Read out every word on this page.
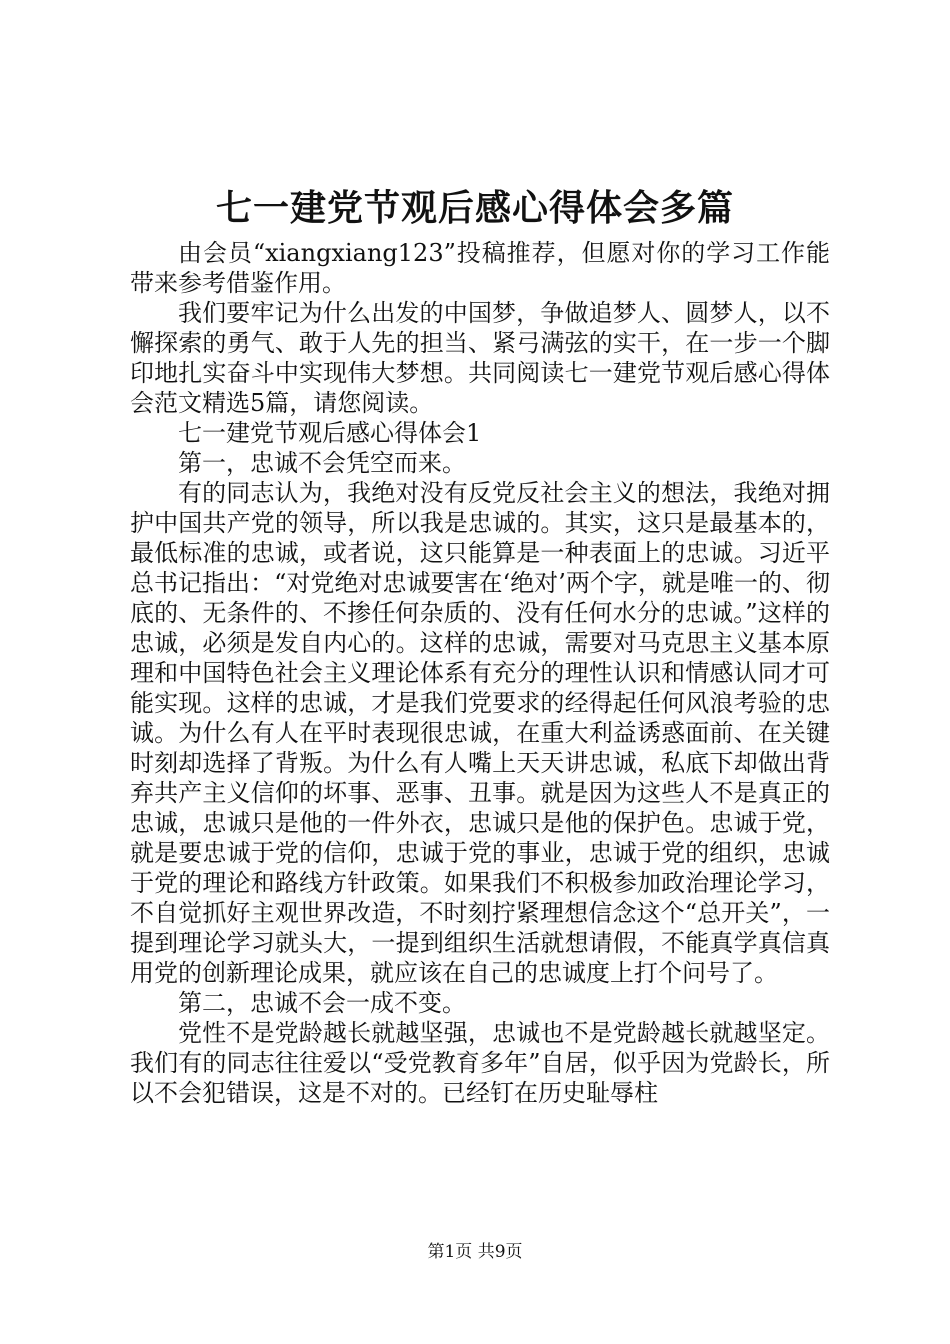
七一建党节观后感心得体会多篇

由会员“xiangxiang123”投稿推荐，但愿对你的学习工作能带来参考借鉴作用。

我们要牢记为什么出发的中国梦，争做追梦人、圆梦人，以不懈探索的勇气、敢于人先的担当、紧弓满弦的实干，在一步一个脚印地扎实奋斗中实现伟大梦想。共同阅读七一建党节观后感心得体会范文精选5篇，请您阅读。

七一建党节观后感心得体会1

第一，忠诚不会凭空而来。

有的同志认为，我绝对没有反党反社会主义的想法，我绝对拥护中国共产党的领导，所以我是忠诚的。其实，这只是最基本的，最低标准的忠诚，或者说，这只能算是一种表面上的忠诚。习近平总书记指出：“对党绝对忠诚要害在‘绝对’两个字，就是唯一的、彻底的、无条件的、不掺任何杂质的、没有任何水分的忠诚。”这样的忠诚，必须是发自内心的。这样的忠诚，需要对马克思主义基本原理和中国特色社会主义理论体系有充分的理性认识和情感认同才可能实现。这样的忠诚，才是我们党要求的经得起任何风浪考验的忠诚。为什么有人在平时表现很忠诚，在重大利益诱惑面前、在关键时刻却选择了背叛。为什么有人嘴上天天讲忠诚，私底下却做出背弃共产主义信仰的坏事、恶事、丑事。就是因为这些人不是真正的忠诚，忠诚只是他的一件外衣，忠诚只是他的保护色。忠诚于党，就是要忠诚于党的信仰，忠诚于党的事业，忠诚于党的组织，忠诚于党的理论和路线方针政策。如果我们不积极参加政治理论学习，不自觉抓好主观世界改造，不时刻拧紧理想信念这个“总开关”，一提到理论学习就头大，一提到组织生活就想请假，不能真学真信真用党的创新理论成果，就应该在自己的忠诚度上打个问号了。

第二，忠诚不会一成不变。

党性不是党龄越长就越坚强，忠诚也不是党龄越长就越坚定。我们有的同志往往爱以“受党教育多年”自居，似乎因为党龄长，所以不会犯错误，这是不对的。已经钉在历史耻辱柱

第1页 共9页
